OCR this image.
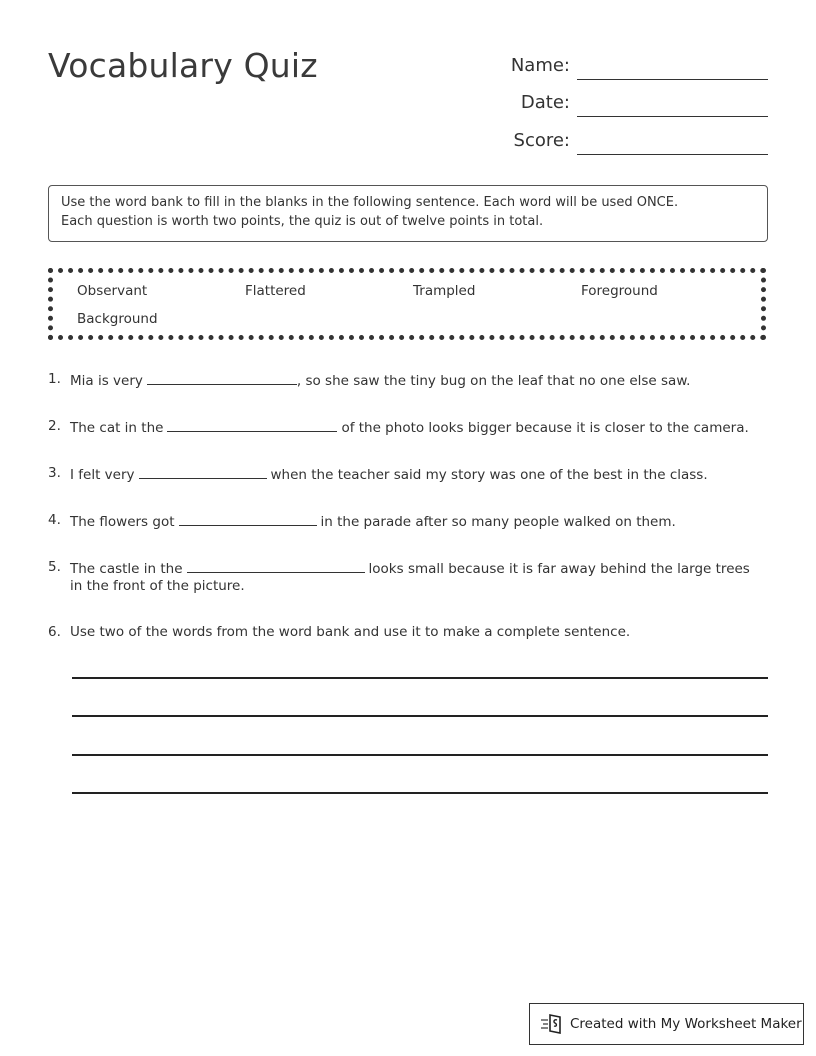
Vocabulary Quiz	Name:
Date:
Score:
Use the word bank to fill in the blanks in the following sentence. Each word will be used ONCE.
Each question is worth two points, the quiz is out of twelve points in total.
Observant	Flattered	Trampled	Foreground
Background
1. Mia is very	, so she saw the tiny bug on the leaf that no one else saw.
2. The cat in the	of the photo looks bigger because it is closer to the camera.
3. I felt very	when the teacher said my story was one of the best in the class.
4. The flowers got	in the parade after so many people walked on them.
5. The castle in the	looks small because it is far away behind the large trees
in the front of the picture.
6. Use two of the words from the word bank and use it to make a complete sentence.
Created with My Worksheet Maker
